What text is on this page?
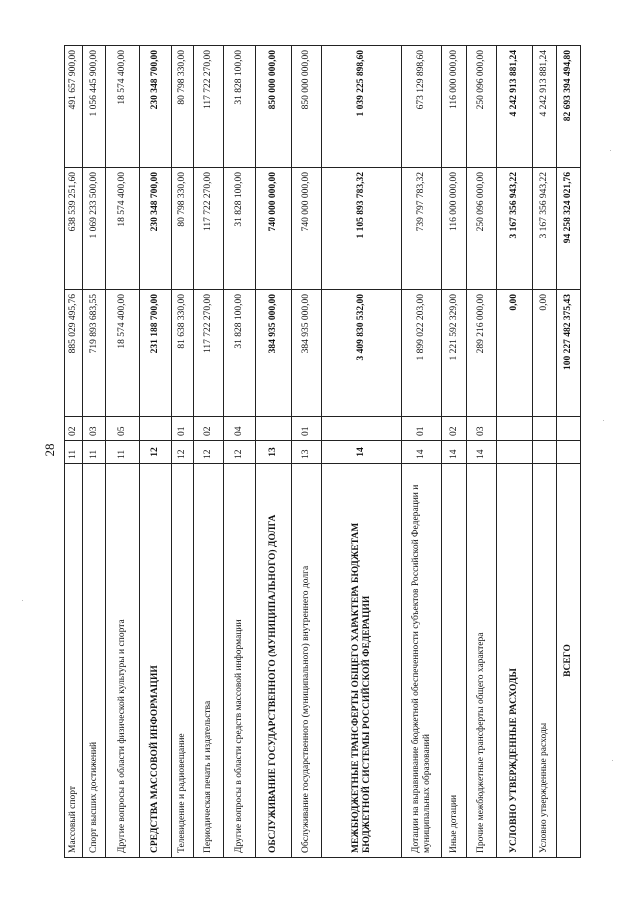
28
Массовый спорт	11	02	885 029 495,76	638 539 251,60	491 657 900,00
Спорт высших достижений	11	03	719 893 683,55	1 069 233 500,00	1 056 445 900,00
Другие вопросы в области физической культуры и спорта	11	05	18 574 400,00	18 574 400,00	18 574 400,00
СРЕДСТВА МАССОВОЙ ИНФОРМАЦИИ	12		231 188 700,00	230 348 700,00	230 348 700,00
Телевидение и радиовещание	12	01	81 638 330,00	80 798 330,00	80 798 330,00
Периодическая печать и издательства	12	02	117 722 270,00	117 722 270,00	117 722 270,00
Другие вопросы в области средств массовой информации	12	04	31 828 100,00	31 828 100,00	31 828 100,00
ОБСЛУЖИВАНИЕ ГОСУДАРСТВЕННОГО (МУНИЦИПАЛЬНОГО) ДОЛГА	13		384 935 000,00	740 000 000,00	850 000 000,00
Обслуживание государственного (муниципального) внутреннего долга	13	01	384 935 000,00	740 000 000,00	850 000 000,00
МЕЖБЮДЖЕТНЫЕ ТРАНСФЕРТЫ ОБЩЕГО ХАРАКТЕРА БЮДЖЕТАМ БЮДЖЕТНОЙ СИСТЕМЫ РОССИЙСКОЙ ФЕДЕРАЦИИ	14		3 409 830 532,00	1 105 893 783,32	1 039 225 898,60
Дотации на выравнивание бюджетной обеспеченности субъектов Российской Федерации и муниципальных образований	14	01	1 899 022 203,00	739 797 783,32	673 129 898,60
Иные дотации	14	02	1 221 592 329,00	116 000 000,00	116 000 000,00
Прочие межбюджетные трансферты общего характера	14	03	289 216 000,00	250 096 000,00	250 096 000,00
УСЛОВНО УТВЕРЖДЕННЫЕ РАСХОДЫ			0,00	3 167 356 943,22	4 242 913 881,24
Условно утвержденные расходы			0,00	3 167 356 943,22	4 242 913 881,24
ВСЕГО			100 227 482 375,43	94 258 324 021,76	82 693 394 494,80
